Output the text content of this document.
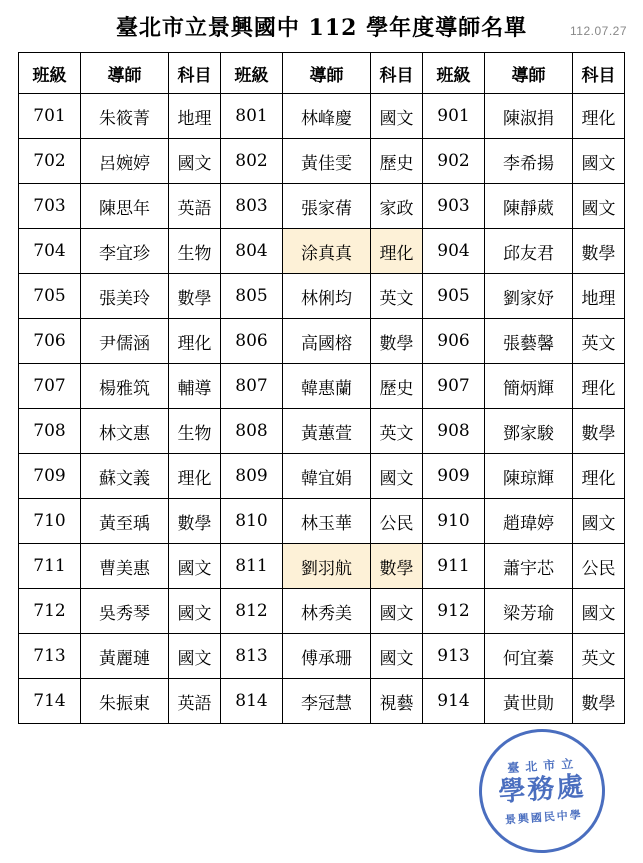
臺北市立景興國中 112 學年度導師名單	112.07.27
班級	導師	科目	班級	導師	科目	班級	導師	科目
701	朱筱菁	地理	801	林峰慶	國文	901	陳淑捐	理化
702	呂婉婷	國文	802	黃佳雯	歷史	902	李希揚	國文
703	陳思年	英語	803	張家蒨	家政	903	陳靜葳	國文
704	李宜珍	生物	804	涂真真	理化	904	邱友君	數學
705	張美玲	數學	805	林俐均	英文	905	劉家妤	地理
706	尹儒涵	理化	806	高國榕	數學	906	張藝馨	英文
707	楊雅筑	輔導	807	韓惠蘭	歷史	907	簡炳輝	理化
708	林文惠	生物	808	黃蕙萱	英文	908	鄧家駿	數學
709	蘇文義	理化	809	韓宜娟	國文	909	陳琼輝	理化
710	黃至瑀	數學	810	林玉華	公民	910	趙瑋婷	國文
711	曹美惠	國文	811	劉羽航	數學	911	蕭宇芯	公民
712	吳秀琴	國文	812	林秀美	國文	912	梁芳瑜	國文
713	黃麗璉	國文	813	傅承珊	國文	913	何宜蓁	英文
714	朱振東	英語	814	李冠慧	視藝	914	黃世勛	數學
臺北市立
學務處
景興國民中學
